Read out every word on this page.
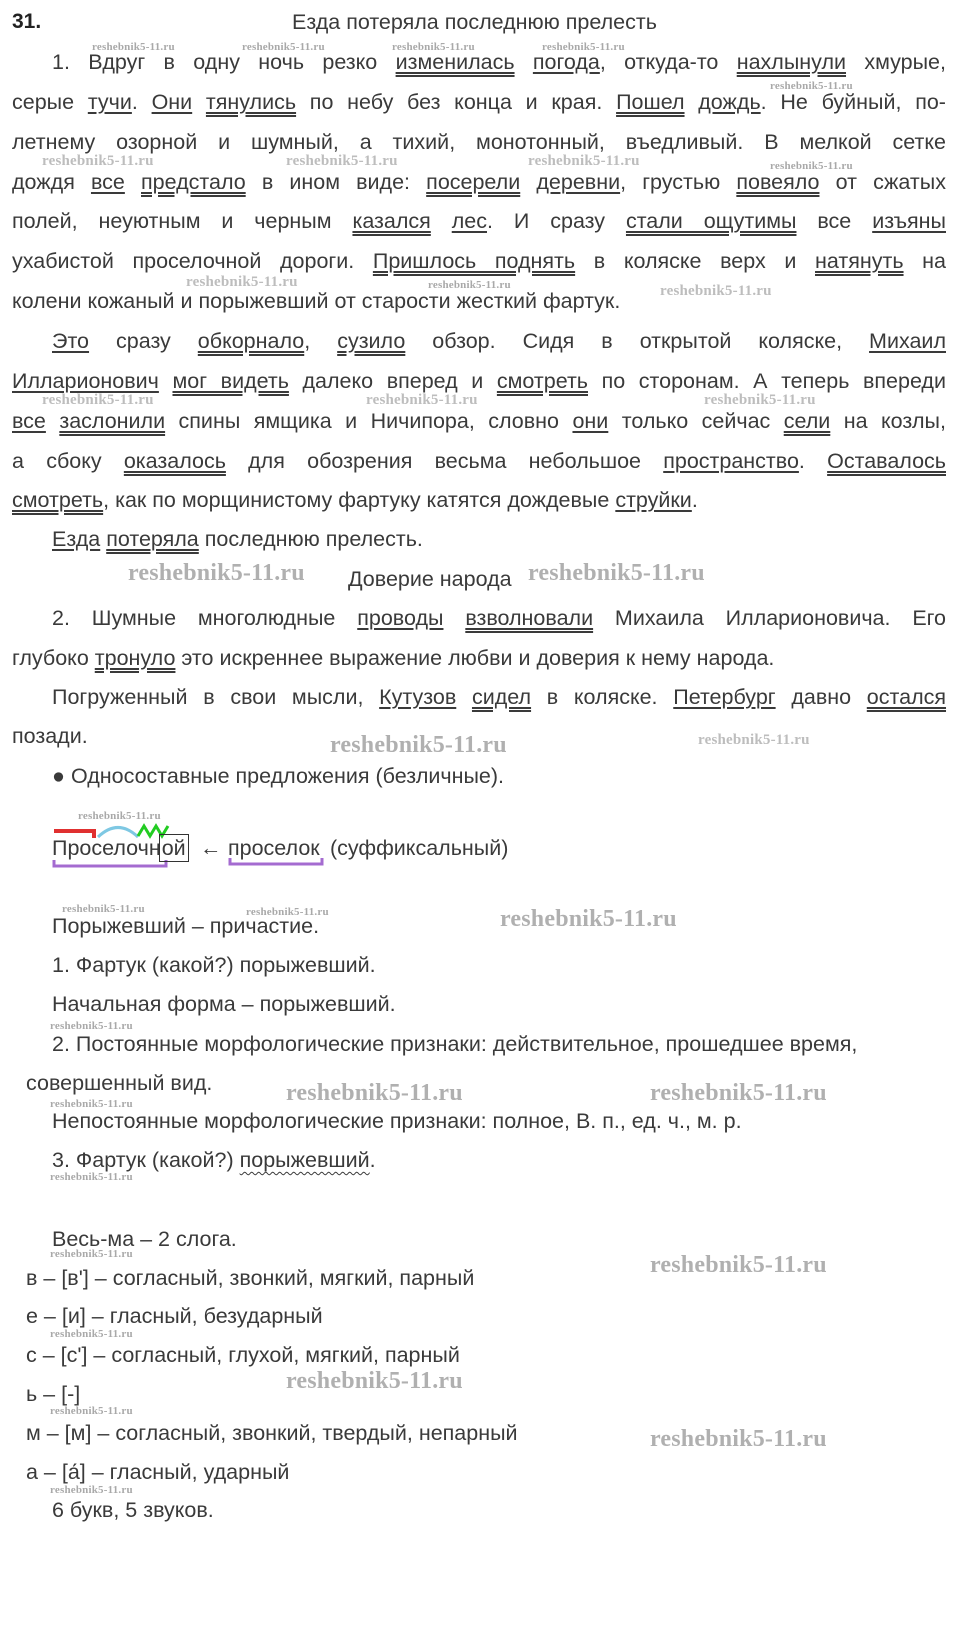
31.	Езда потеряла последнюю прелесть
1. Вдруг в одну ночь резко изменилась погода, откуда-то нахлынули хмурые,
серые тучи. Они тянулись по небу без конца и края. Пошел дождь. Не буйный, по-
летнему озорной и шумный, а тихий, монотонный, въедливый. В мелкой сетке
дождя все предстало в ином виде: посерели деревни, грустью повеяло от сжатых
полей, неуютным и черным казался лес. И сразу стали ощутимы все изъяны
ухабистой проселочной дороги. Пришлось поднять в коляске верх и натянуть на
колени кожаный и порыжевший от старости жесткий фартук.
Это сразу обкорнало, сузило обзор. Сидя в открытой коляске, Михаил
Илларионович мог видеть далеко вперед и смотреть по сторонам. А теперь впереди
все заслонили спины ямщика и Ничипора, словно они только сейчас сели на козлы,
а сбоку оказалось для обозрения весьма небольшое пространство. Оставалось
смотреть, как по морщинистому фартуку катятся дождевые струйки.
Езда потеряла последнюю прелесть.
Доверие народа
2. Шумные многолюдные проводы взволновали Михаила Илларионовича. Его
глубоко тронуло это искреннее выражение любви и доверия к нему народа.
Погруженный в свои мысли, Кутузов сидел в коляске. Петербург давно остался
позади.
● Односоставные предложения (безличные).
Проселочной ← проселок (суффиксальный)
Порыжевший – причастие.
1. Фартук (какой?) порыжевший.
Начальная форма – порыжевший.
2. Постоянные морфологические признаки: действительное, прошедшее время,
совершенный вид.
Непостоянные морфологические признаки: полное, В. п., ед. ч., м. р.
3. Фартук (какой?) порыжевший.
Весь-ма – 2 слога.
в – [в'] – согласный, звонкий, мягкий, парный
е – [и] – гласный, безударный
с – [с'] – согласный, глухой, мягкий, парный
ь – [-]
м – [м] – согласный, звонкий, твердый, непарный
а – [а́] – гласный, ударный
6 букв, 5 звуков.
reshebnik5-11.ru	reshebnik5-11.ru	reshebnik5-11.ru	reshebnik5-11.ru
reshebnik5-11.ru
reshebnik5-11.ru	reshebnik5-11.ru	reshebnik5-11.ru	reshebnik5-11.ru
reshebnik5-11.ru	reshebnik5-11.ru	reshebnik5-11.ru
reshebnik5-11.ru	reshebnik5-11.ru	reshebnik5-11.ru
reshebnik5-11.ru	reshebnik5-11.ru
reshebnik5-11.ru	reshebnik5-11.ru
reshebnik5-11.ru
reshebnik5-11.ru	reshebnik5-11.ru	reshebnik5-11.ru
reshebnik5-11.ru
reshebnik5-11.ru	reshebnik5-11.ru
reshebnik5-11.ru
reshebnik5-11.ru
reshebnik5-11.ru	reshebnik5-11.ru
reshebnik5-11.ru
reshebnik5-11.ru
reshebnik5-11.ru
reshebnik5-11.ru
reshebnik5-11.ru
